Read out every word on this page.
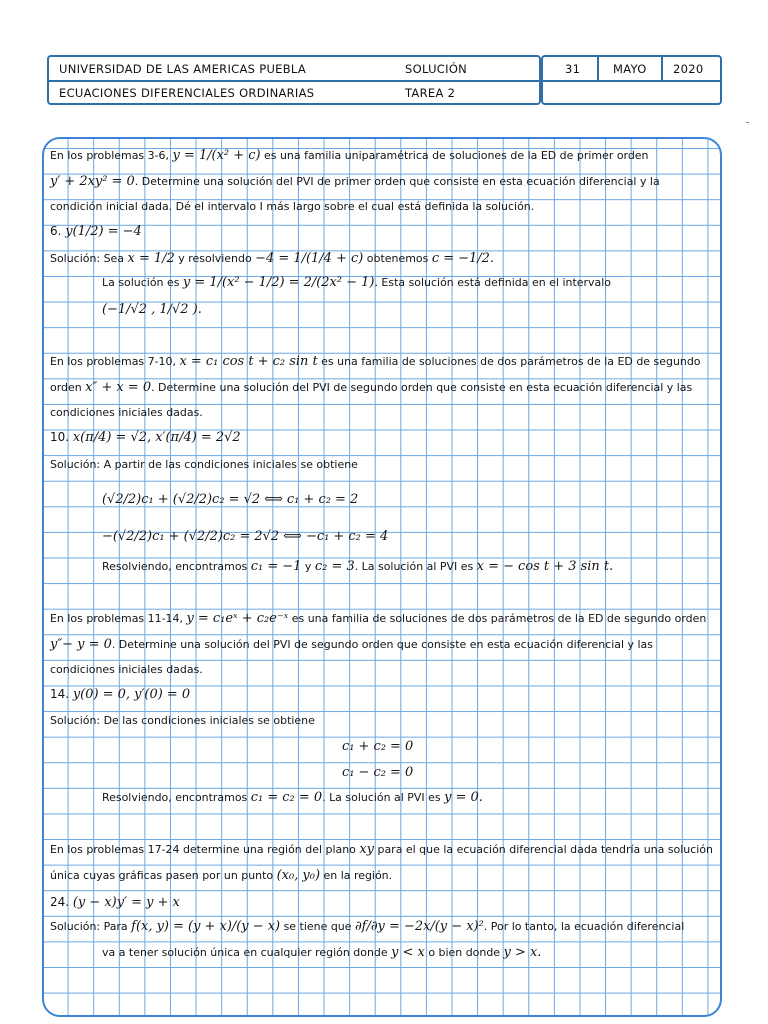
UNIVERSIDAD DE LAS AMERICAS PUEBLA	SOLUCIÓN
ECUACIONES DIFERENCIALES ORDINARIAS	TAREA 2
31	MAYO 2020
En los problemas 3-6, y = 1/(x² + c) es una familia uniparamétrica de soluciones de la ED de primer orden
y′ + 2xy² = 0. Determine una solución del PVI de primer orden que consiste en esta ecuación diferencial y la
condición inicial dada. Dé el intervalo I más largo sobre el cual está definida la solución.
6. y(1/2) = −4
Solución: Sea x = 1/2 y resolviendo −4 = 1/(1/4 + c) obtenemos c = −1/2.
La solución es y = 1/(x² − 1/2) = 2/(2x² − 1). Esta solución está definida en el intervalo
(−1/√2 , 1/√2 ).
En los problemas 7-10, x = c₁ cos t + c₂ sin t es una familia de soluciones de dos parámetros de la ED de segundo
orden x″ + x = 0. Determine una solución del PVI de segundo orden que consiste en esta ecuación diferencial y las
condiciones iniciales dadas.
10. x(π/4) = √2, x′(π/4) = 2√2
Solución: A partir de las condiciones iniciales se obtiene
(√2/2)c₁ + (√2/2)c₂ = √2 ⟺ c₁ + c₂ = 2
−(√2/2)c₁ + (√2/2)c₂ = 2√2 ⟺ −c₁ + c₂ = 4
Resolviendo, encontramos c₁ = −1 y c₂ = 3. La solución al PVI es x = − cos t + 3 sin t.
En los problemas 11-14, y = c₁eˣ + c₂e⁻ˣ es una familia de soluciones de dos parámetros de la ED de segundo orden
y″− y = 0. Determine una solución del PVI de segundo orden que consiste en esta ecuación diferencial y las
condiciones iniciales dadas.
14. y(0) = 0, y′(0) = 0
Solución: De las condiciones iniciales se obtiene
c₁ + c₂ = 0
c₁ − c₂ = 0
Resolviendo, encontramos c₁ = c₂ = 0. La solución al PVI es y = 0.
En los problemas 17-24 determine una región del plano xy para el que la ecuación diferencial dada tendría una solución
única cuyas gráficas pasen por un punto (x₀, y₀) en la región.
24. (y − x)y′ = y + x
Solución: Para f(x, y) = (y + x)/(y − x) se tiene que ∂f/∂y = −2x/(y − x)². Por lo tanto, la ecuación diferencial
va a tener solución única en cualquier región donde y < x o bien donde y > x.
